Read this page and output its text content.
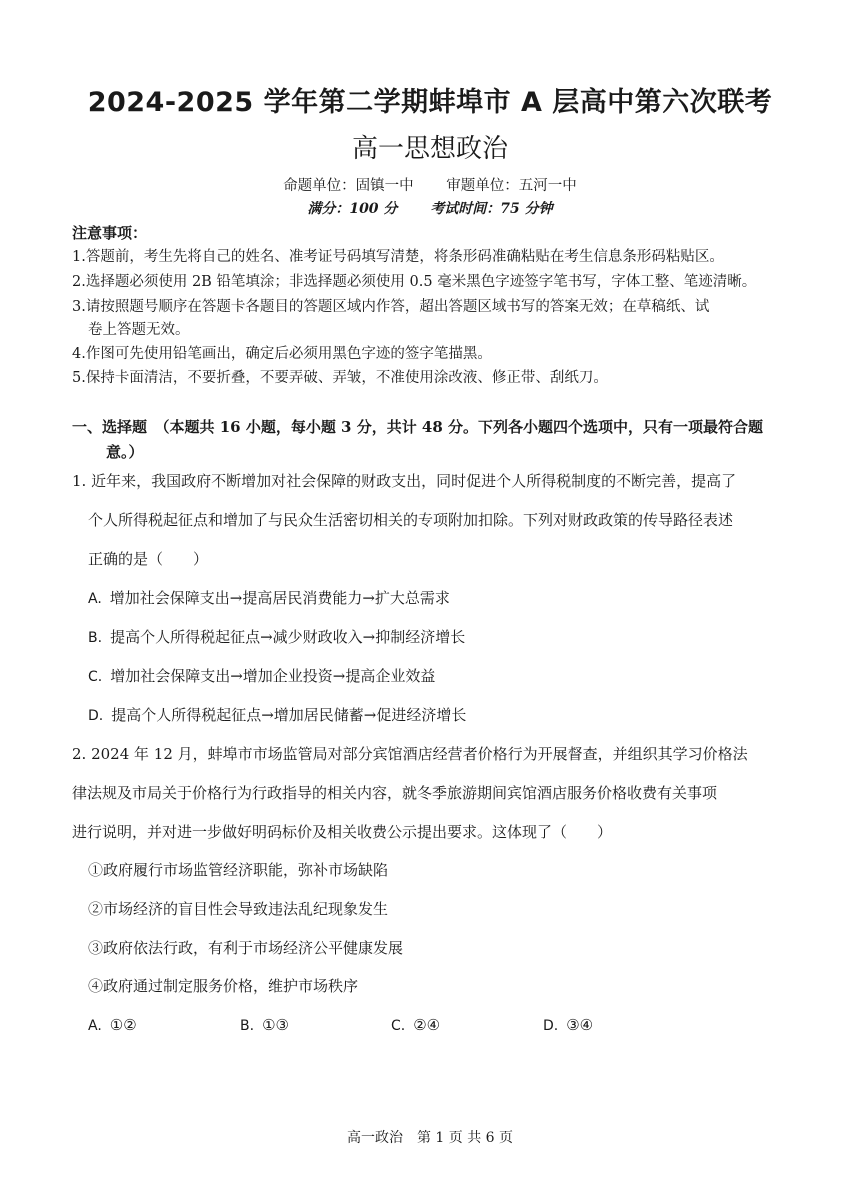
2024-2025 学年第二学期蚌埠市 A 层高中第六次联考
高一思想政治
命题单位：固镇一中 审题单位：五河一中
满分：100 分 考试时间：75 分钟
注意事项：
1.答题前，考生先将自己的姓名、准考证号码填写清楚，将条形码准确粘贴在考生信息条形码粘贴区。
2.选择题必须使用 2B 铅笔填涂；非选择题必须使用 0.5 毫米黑色字迹签字笔书写，字体工整、笔迹清晰。
3.请按照题号顺序在答题卡各题目的答题区域内作答，超出答题区域书写的答案无效；在草稿纸、试
卷上答题无效。
4.作图可先使用铅笔画出，确定后必须用黑色字迹的签字笔描黑。
5.保持卡面清洁，不要折叠，不要弄破、弄皱，不准使用涂改液、修正带、刮纸刀。
一、选择题　（本题共 16 小题，每小题 3 分，共计 48 分。下列各小题四个选项中，只有一项最符合题
意。）
1. 近年来，我国政府不断增加对社会保障的财政支出，同时促进个人所得税制度的不断完善，提高了
个人所得税起征点和增加了与民众生活密切相关的专项附加扣除。下列对财政政策的传导路径表述
正确的是（　　）
A. 增加社会保障支出→提高居民消费能力→扩大总需求
B. 提高个人所得税起征点→减少财政收入→抑制经济增长
C. 增加社会保障支出→增加企业投资→提高企业效益
D. 提高个人所得税起征点→增加居民储蓄→促进经济增长
2. 2024 年 12 月，蚌埠市市场监管局对部分宾馆酒店经营者价格行为开展督查，并组织其学习价格法
律法规及市局关于价格行为行政指导的相关内容，就冬季旅游期间宾馆酒店服务价格收费有关事项
进行说明，并对进一步做好明码标价及相关收费公示提出要求。这体现了（　　）
①政府履行市场监管经济职能，弥补市场缺陷
②市场经济的盲目性会导致违法乱纪现象发生
③政府依法行政，有利于市场经济公平健康发展
④政府通过制定服务价格，维护市场秩序
A. ①②	B. ①③	C. ②④	D. ③④
高一政治　第 1 页 共 6 页
